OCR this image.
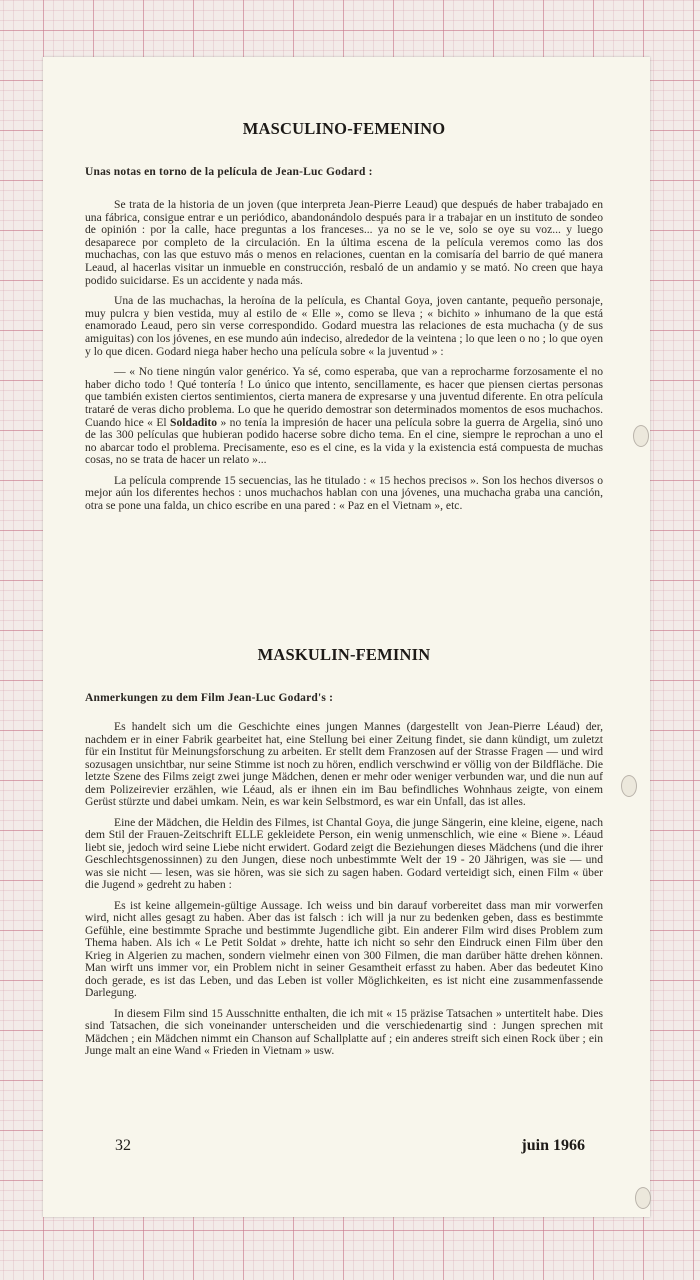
MASCULINO-FEMENINO
Unas notas en torno de la película de Jean-Luc Godard :

Se trata de la historia de un joven (que interpreta Jean-Pierre Leaud) que después de haber trabajado en una fábrica, consigue entrar e un periódico, abandonándolo después para ir a trabajar en un instituto de sondeo de opinión : por la calle, hace preguntas a los franceses... ya no se le ve, solo se oye su voz... y luego desaparece por completo de la circulación. En la última escena de la película veremos como las dos muchachas, con las que estuvo más o menos en relaciones, cuentan en la comisaría del barrio de qué manera Leaud, al hacerlas visitar un inmueble en construcción, resbaló de un andamio y se mató. No creen que haya podido suicidarse. Es un accidente y nada más.

Una de las muchachas, la heroína de la película, es Chantal Goya, joven cantante, pequeño personaje, muy pulcra y bien vestida, muy al estilo de « Elle », como se lleva ; « bichito » inhumano de la que está enamorado Leaud, pero sin verse correspondido. Godard muestra las relaciones de esta muchacha (y de sus amiguitas) con los jóvenes, en ese mundo aún indeciso, alrededor de la veintena ; lo que leen o no ; lo que oyen y lo que dicen. Godard niega haber hecho una película sobre « la juventud » :

— « No tiene ningún valor genérico. Ya sé, como esperaba, que van a reprocharme forzosamente el no haber dicho todo ! Qué tontería ! Lo único que intento, sencillamente, es hacer que piensen ciertas personas que también existen ciertos sentimientos, cierta manera de expresarse y una juventud diferente. En otra película trataré de veras dicho problema. Lo que he querido demostrar son determinados momentos de esos muchachos. Cuando hice « El Soldadito » no tenía la impresión de hacer una película sobre la guerra de Argelia, sinó uno de las 300 películas que hubieran podido hacerse sobre dicho tema. En el cine, siempre le reprochan a uno el no abarcar todo el problema. Precisamente, eso es el cine, es la vida y la existencia está compuesta de muchas cosas, no se trata de hacer un relato »...

La película comprende 15 secuencias, las he titulado : « 15 hechos precisos ». Son los hechos diversos o mejor aún los diferentes hechos : unos muchachos hablan con una jóvenes, una muchacha graba una canción, otra se pone una falda, un chico escribe en una pared : « Paz en el Vietnam », etc.

MASKULIN-FEMININ
Anmerkungen zu dem Film Jean-Luc Godard's :

Es handelt sich um die Geschichte eines jungen Mannes (dargestellt von Jean-Pierre Léaud) der, nachdem er in einer Fabrik gearbeitet hat, eine Stellung bei einer Zeitung findet, sie dann kündigt, um zuletzt für ein Institut für Meinungsforschung zu arbeiten. Er stellt dem Franzosen auf der Strasse Fragen — und wird sozusagen unsichtbar, nur seine Stimme ist noch zu hören, endlich verschwind er völlig von der Bildfläche. Die letzte Szene des Films zeigt zwei junge Mädchen, denen er mehr oder weniger verbunden war, und die nun auf dem Polizeirevier erzählen, wie Léaud, als er ihnen ein im Bau befindliches Wohnhaus zeigte, von einem Gerüst stürzte und dabei umkam. Nein, es war kein Selbstmord, es war ein Unfall, das ist alles.

Eine der Mädchen, die Heldin des Filmes, ist Chantal Goya, die junge Sängerin, eine kleine, eigene, nach dem Stil der Frauen-Zeitschrift ELLE gekleidete Person, ein wenig unmenschlich, wie eine « Biene ». Léaud liebt sie, jedoch wird seine Liebe nicht erwidert. Godard zeigt die Beziehungen dieses Mädchens (und die ihrer Geschlechtsgenossinnen) zu den Jungen, diese noch unbestimmte Welt der 19 - 20 Jährigen, was sie — und was sie nicht — lesen, was sie hören, was sie sich zu sagen haben. Godard verteidigt sich, einen Film « über die Jugend » gedreht zu haben :

Es ist keine allgemein-gültige Aussage. Ich weiss und bin darauf vorbereitet dass man mir vorwerfen wird, nicht alles gesagt zu haben. Aber das ist falsch : ich will ja nur zu bedenken geben, dass es bestimmte Gefühle, eine bestimmte Sprache und bestimmte Jugendliche gibt. Ein anderer Film wird dises Problem zum Thema haben. Als ich « Le Petit Soldat » drehte, hatte ich nicht so sehr den Eindruck einen Film über den Krieg in Algerien zu machen, sondern vielmehr einen von 300 Filmen, die man darüber hätte drehen können. Man wirft uns immer vor, ein Problem nicht in seiner Gesamtheit erfasst zu haben. Aber das bedeutet Kino doch gerade, es ist das Leben, und das Leben ist voller Möglichkeiten, es ist nicht eine zusammenfassende Darlegung.

In diesem Film sind 15 Ausschnitte enthalten, die ich mit « 15 präzise Tatsachen » untertitelt habe. Dies sind Tatsachen, die sich voneinander unterscheiden und die verschiedenartig sind : Jungen sprechen mit Mädchen ; ein Mädchen nimmt ein Chanson auf Schallplatte auf ; ein anderes streift sich einen Rock über ; ein Junge malt an eine Wand « Frieden in Vietnam » usw.

32	juin 1966
